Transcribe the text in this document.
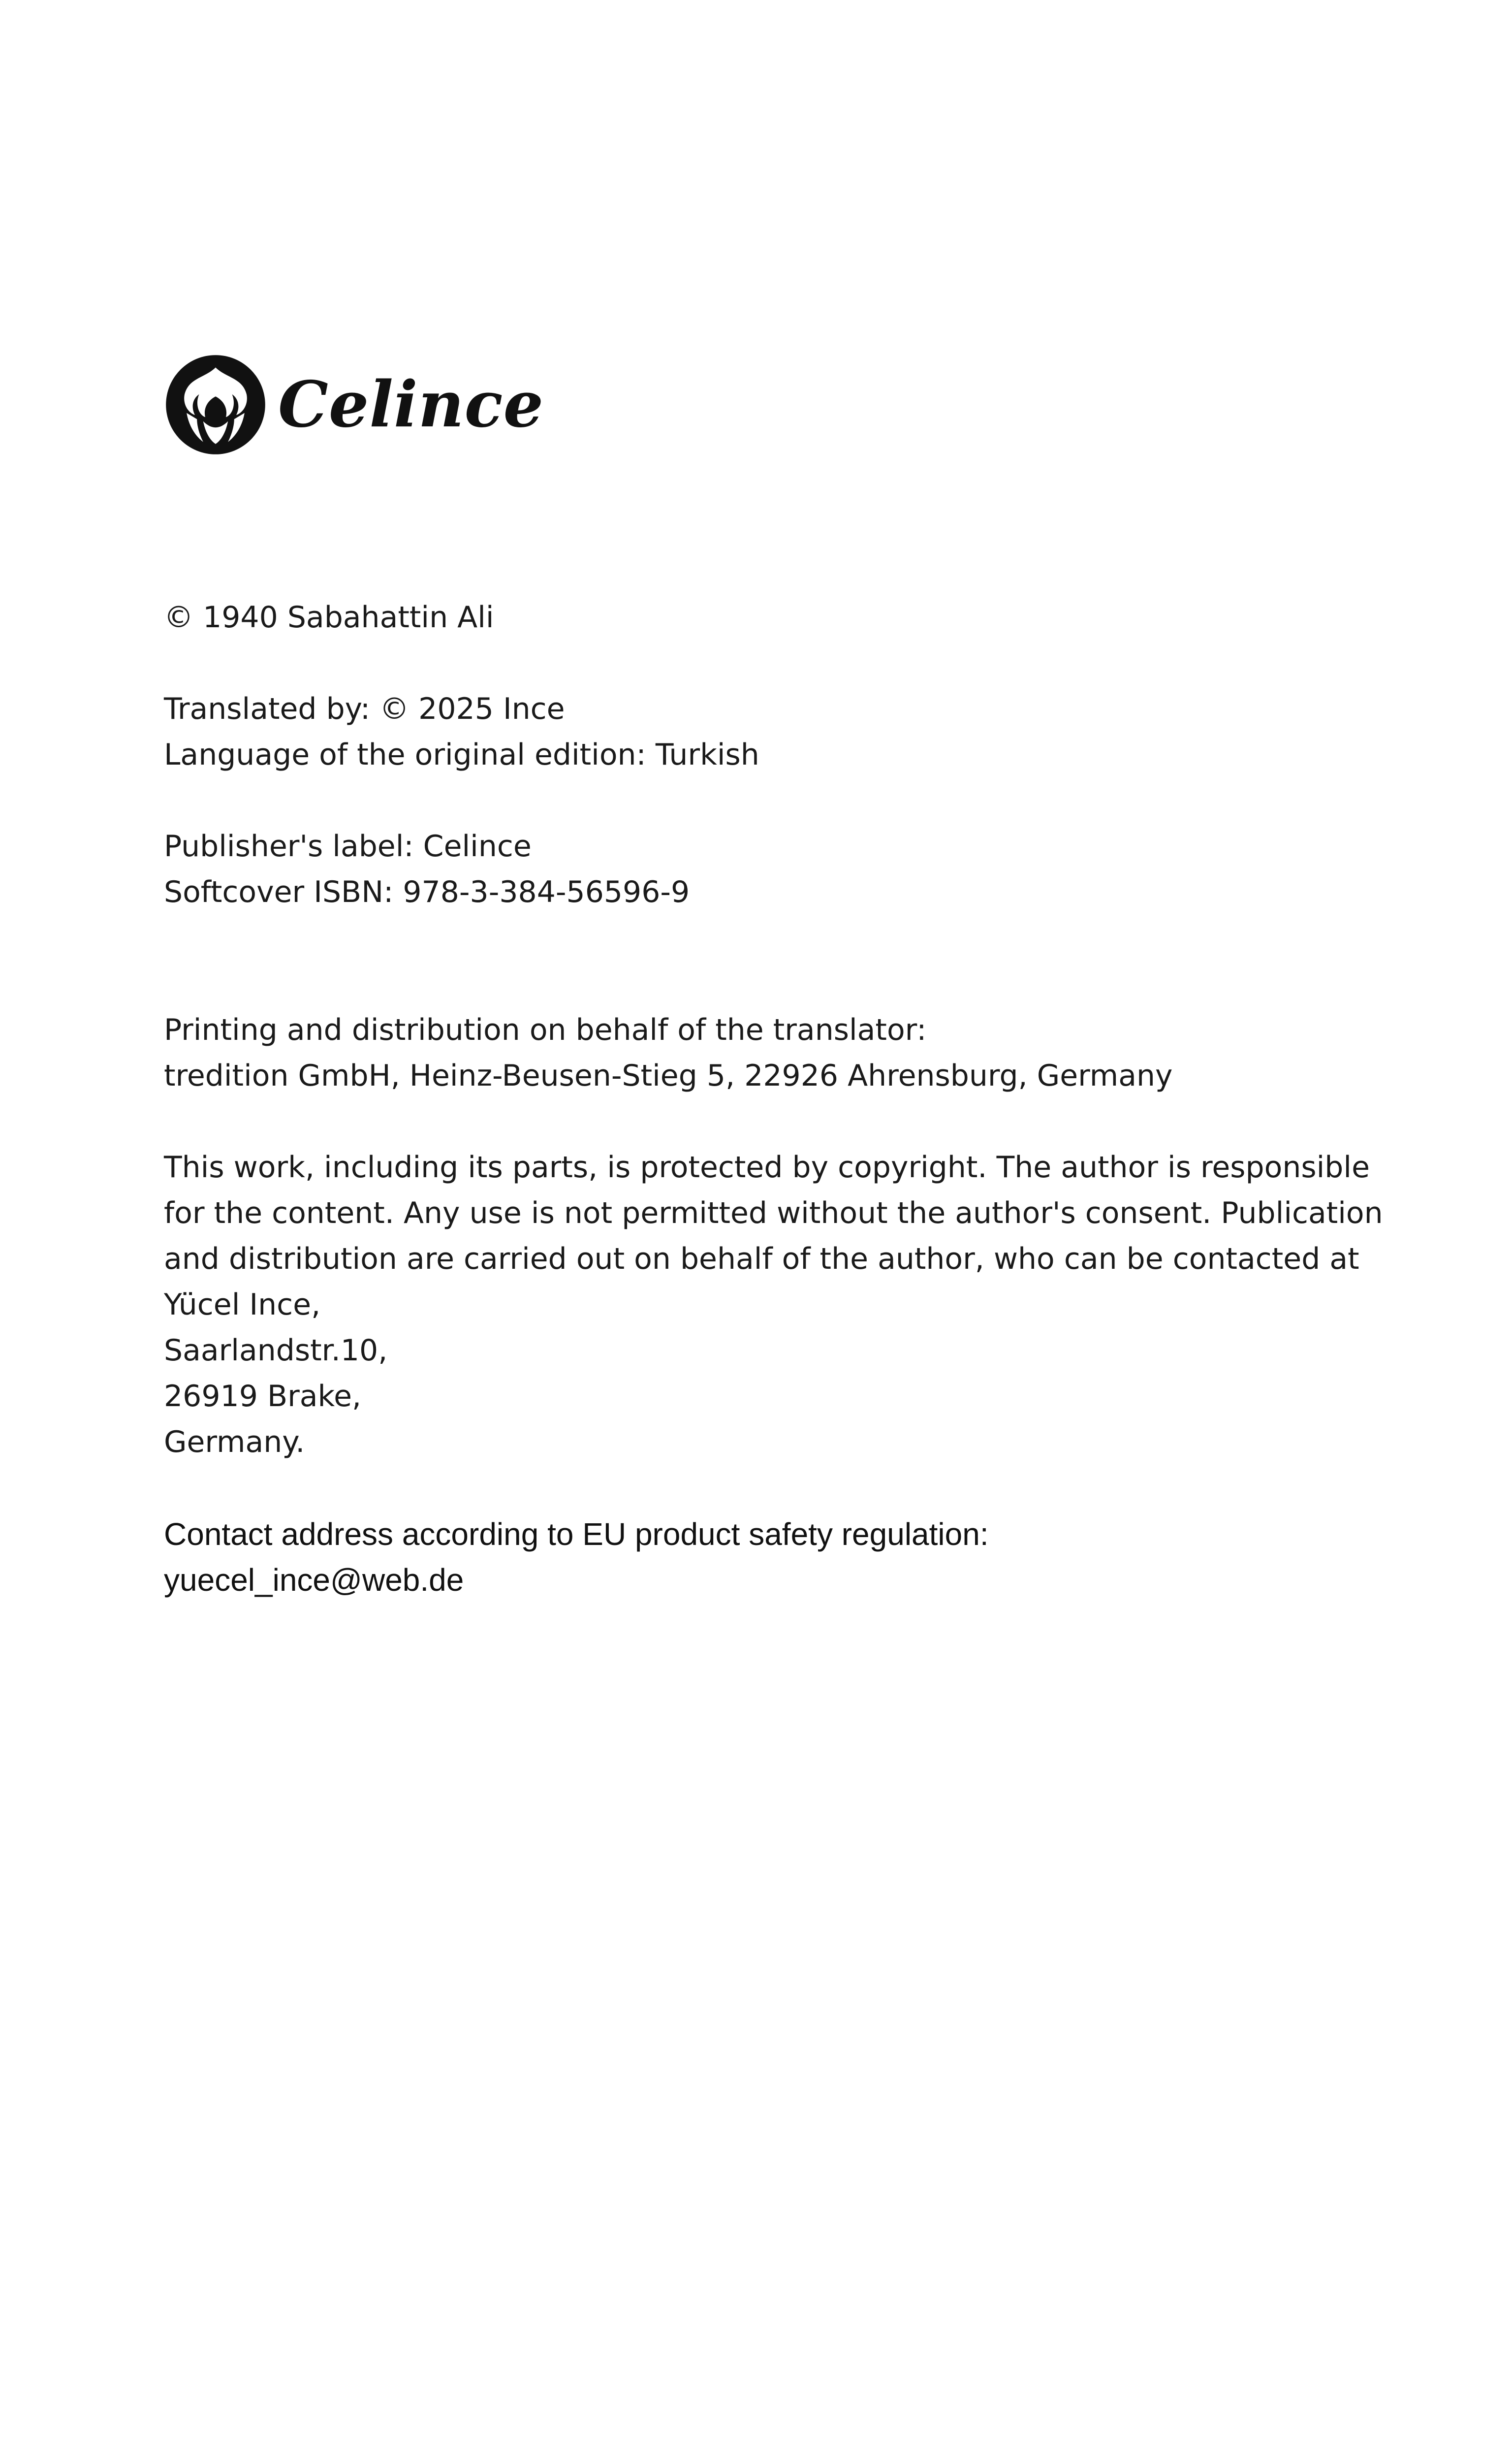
Celince
© 1940 Sabahattin Ali
Translated by: © 2025 Ince
Language of the original edition: Turkish
Publisher's label: Celince
Softcover ISBN: 978-3-384-56596-9
Printing and distribution on behalf of the translator:
tredition GmbH, Heinz-Beusen-Stieg 5, 22926 Ahrensburg, Germany
This work, including its parts, is protected by copyright. The author is responsible
for the content. Any use is not permitted without the author's consent. Publication
and distribution are carried out on behalf of the author, who can be contacted at
Yücel Ince,
Saarlandstr.10,
26919 Brake,
Germany.
Contact address according to EU product safety regulation:
yuecel_ince@web.de
